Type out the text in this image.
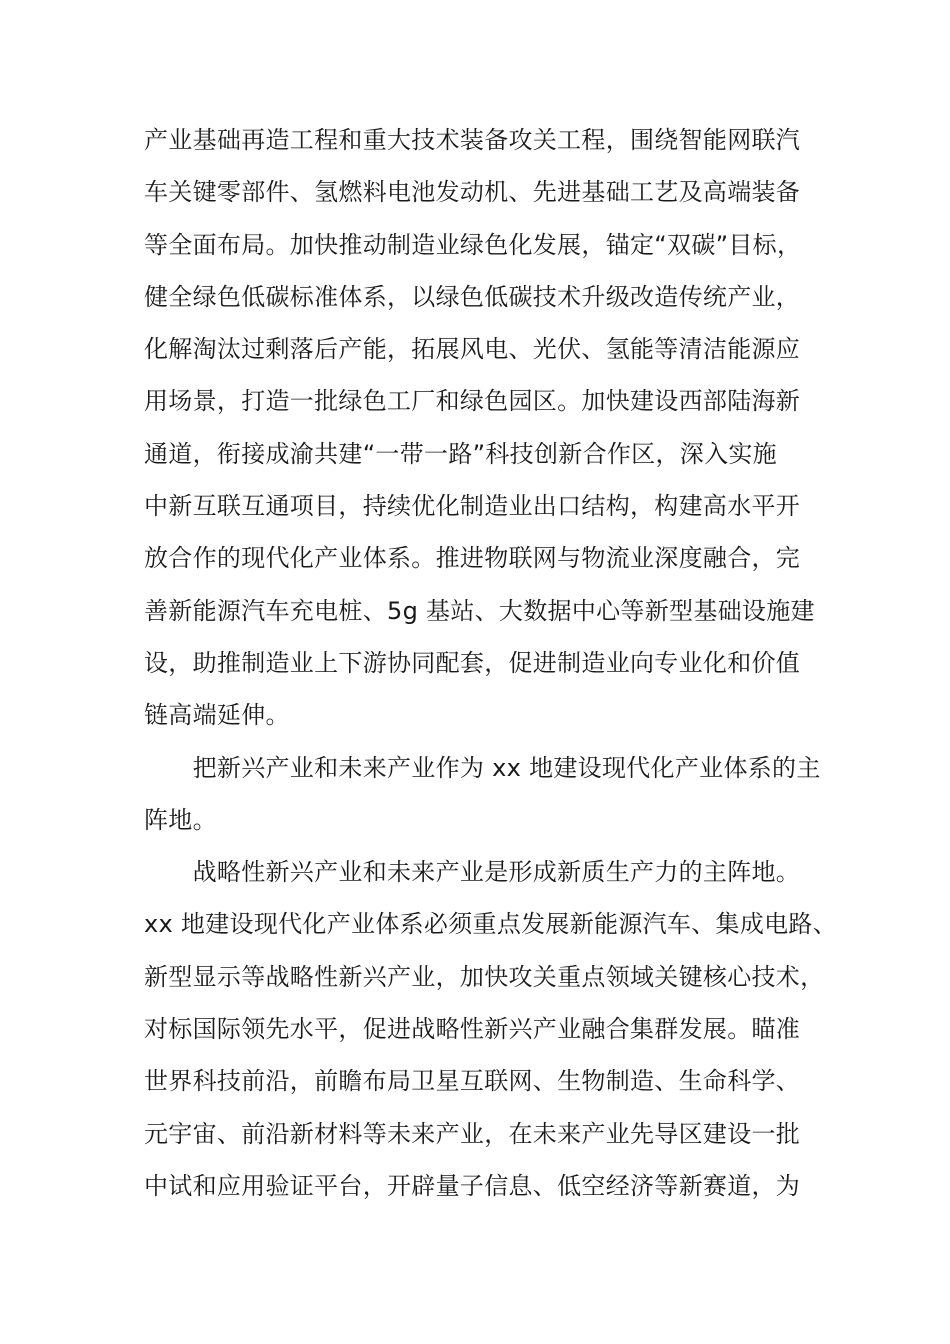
产业基础再造工程和重大技术装备攻关工程，围绕智能网联汽
车关键零部件、氢燃料电池发动机、先进基础工艺及高端装备
等全面布局。加快推动制造业绿色化发展，锚定“双碳”目标，
健全绿色低碳标准体系，以绿色低碳技术升级改造传统产业，
化解淘汰过剩落后产能，拓展风电、光伏、氢能等清洁能源应
用场景，打造一批绿色工厂和绿色园区。加快建设西部陆海新
通道，衔接成渝共建“一带一路”科技创新合作区，深入实施
中新互联互通项目，持续优化制造业出口结构，构建高水平开
放合作的现代化产业体系。推进物联网与物流业深度融合，完
善新能源汽车充电桩、5g 基站、大数据中心等新型基础设施建
设，助推制造业上下游协同配套，促进制造业向专业化和价值
链高端延伸。
　　把新兴产业和未来产业作为 xx 地建设现代化产业体系的主
阵地。
　　战略性新兴产业和未来产业是形成新质生产力的主阵地。
xx 地建设现代化产业体系必须重点发展新能源汽车、集成电路、
新型显示等战略性新兴产业，加快攻关重点领域关键核心技术，
对标国际领先水平，促进战略性新兴产业融合集群发展。瞄准
世界科技前沿，前瞻布局卫星互联网、生物制造、生命科学、
元宇宙、前沿新材料等未来产业，在未来产业先导区建设一批
中试和应用验证平台，开辟量子信息、低空经济等新赛道，为
